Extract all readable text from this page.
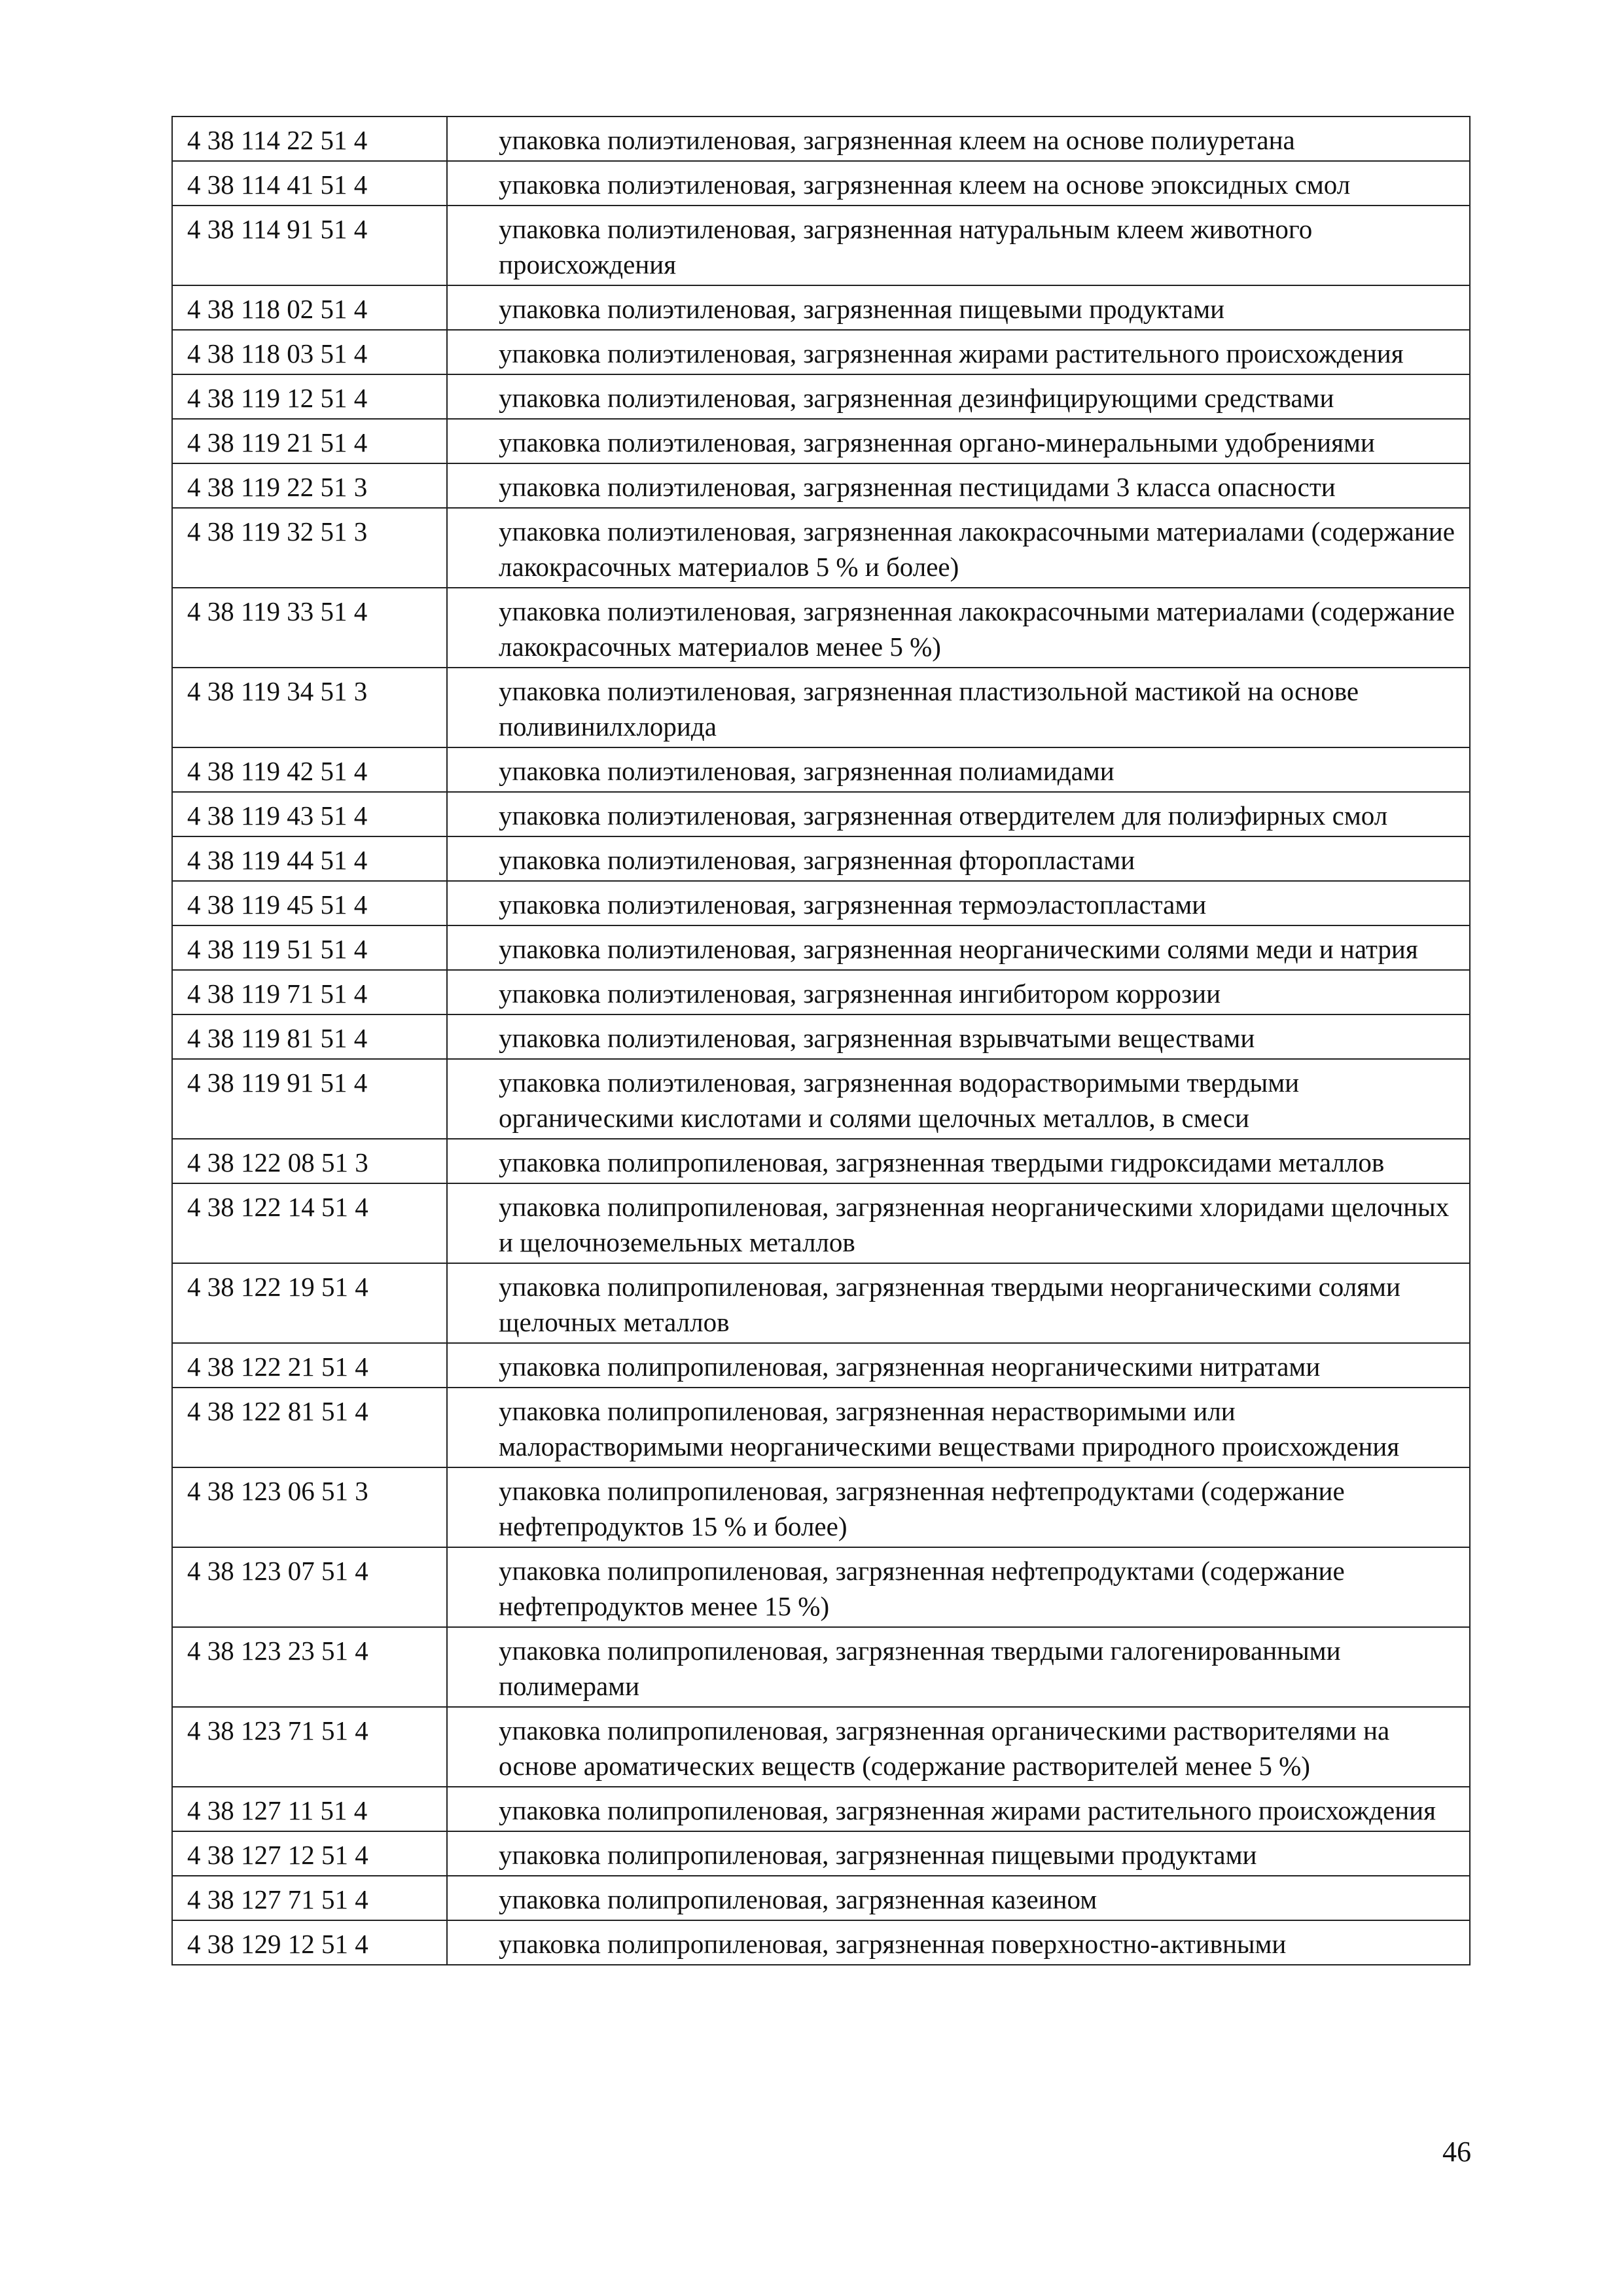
4 38 114 22 51 4	упаковка полиэтиленовая, загрязненная клеем на основе полиуретана
4 38 114 41 51 4	упаковка полиэтиленовая, загрязненная клеем на основе эпоксидных смол
4 38 114 91 51 4	упаковка полиэтиленовая, загрязненная натуральным клеем животного происхождения
4 38 118 02 51 4	упаковка полиэтиленовая, загрязненная пищевыми продуктами
4 38 118 03 51 4	упаковка полиэтиленовая, загрязненная жирами растительного происхождения
4 38 119 12 51 4	упаковка полиэтиленовая, загрязненная дезинфицирующими средствами
4 38 119 21 51 4	упаковка полиэтиленовая, загрязненная органо-минеральными удобрениями
4 38 119 22 51 3	упаковка полиэтиленовая, загрязненная пестицидами 3 класса опасности
4 38 119 32 51 3	упаковка полиэтиленовая, загрязненная лакокрасочными материалами (содержание лакокрасочных материалов 5 % и более)
4 38 119 33 51 4	упаковка полиэтиленовая, загрязненная лакокрасочными материалами (содержание лакокрасочных материалов менее 5 %)
4 38 119 34 51 3	упаковка полиэтиленовая, загрязненная пластизольной мастикой на основе поливинилхлорида
4 38 119 42 51 4	упаковка полиэтиленовая, загрязненная полиамидами
4 38 119 43 51 4	упаковка полиэтиленовая, загрязненная отвердителем для полиэфирных смол
4 38 119 44 51 4	упаковка полиэтиленовая, загрязненная фторопластами
4 38 119 45 51 4	упаковка полиэтиленовая, загрязненная термоэластопластами
4 38 119 51 51 4	упаковка полиэтиленовая, загрязненная неорганическими солями меди и натрия
4 38 119 71 51 4	упаковка полиэтиленовая, загрязненная ингибитором коррозии
4 38 119 81 51 4	упаковка полиэтиленовая, загрязненная взрывчатыми веществами
4 38 119 91 51 4	упаковка полиэтиленовая, загрязненная водорастворимыми твердыми органическими кислотами и солями щелочных металлов, в смеси
4 38 122 08 51 3	упаковка полипропиленовая, загрязненная твердыми гидроксидами металлов
4 38 122 14 51 4	упаковка полипропиленовая, загрязненная неорганическими хлоридами щелочных и щелочноземельных металлов
4 38 122 19 51 4	упаковка полипропиленовая, загрязненная твердыми неорганическими солями щелочных металлов
4 38 122 21 51 4	упаковка полипропиленовая, загрязненная неорганическими нитратами
4 38 122 81 51 4	упаковка полипропиленовая, загрязненная нерастворимыми или малорастворимыми неорганическими веществами природного происхождения
4 38 123 06 51 3	упаковка полипропиленовая, загрязненная нефтепродуктами (содержание нефтепродуктов 15 % и более)
4 38 123 07 51 4	упаковка полипропиленовая, загрязненная нефтепродуктами (содержание нефтепродуктов менее 15 %)
4 38 123 23 51 4	упаковка полипропиленовая, загрязненная твердыми галогенированными полимерами
4 38 123 71 51 4	упаковка полипропиленовая, загрязненная органическими растворителями на основе ароматических веществ (содержание растворителей менее 5 %)
4 38 127 11 51 4	упаковка полипропиленовая, загрязненная жирами растительного происхождения
4 38 127 12 51 4	упаковка полипропиленовая, загрязненная пищевыми продуктами
4 38 127 71 51 4	упаковка полипропиленовая, загрязненная казеином
4 38 129 12 51 4	упаковка полипропиленовая, загрязненная поверхностно-активными
46
